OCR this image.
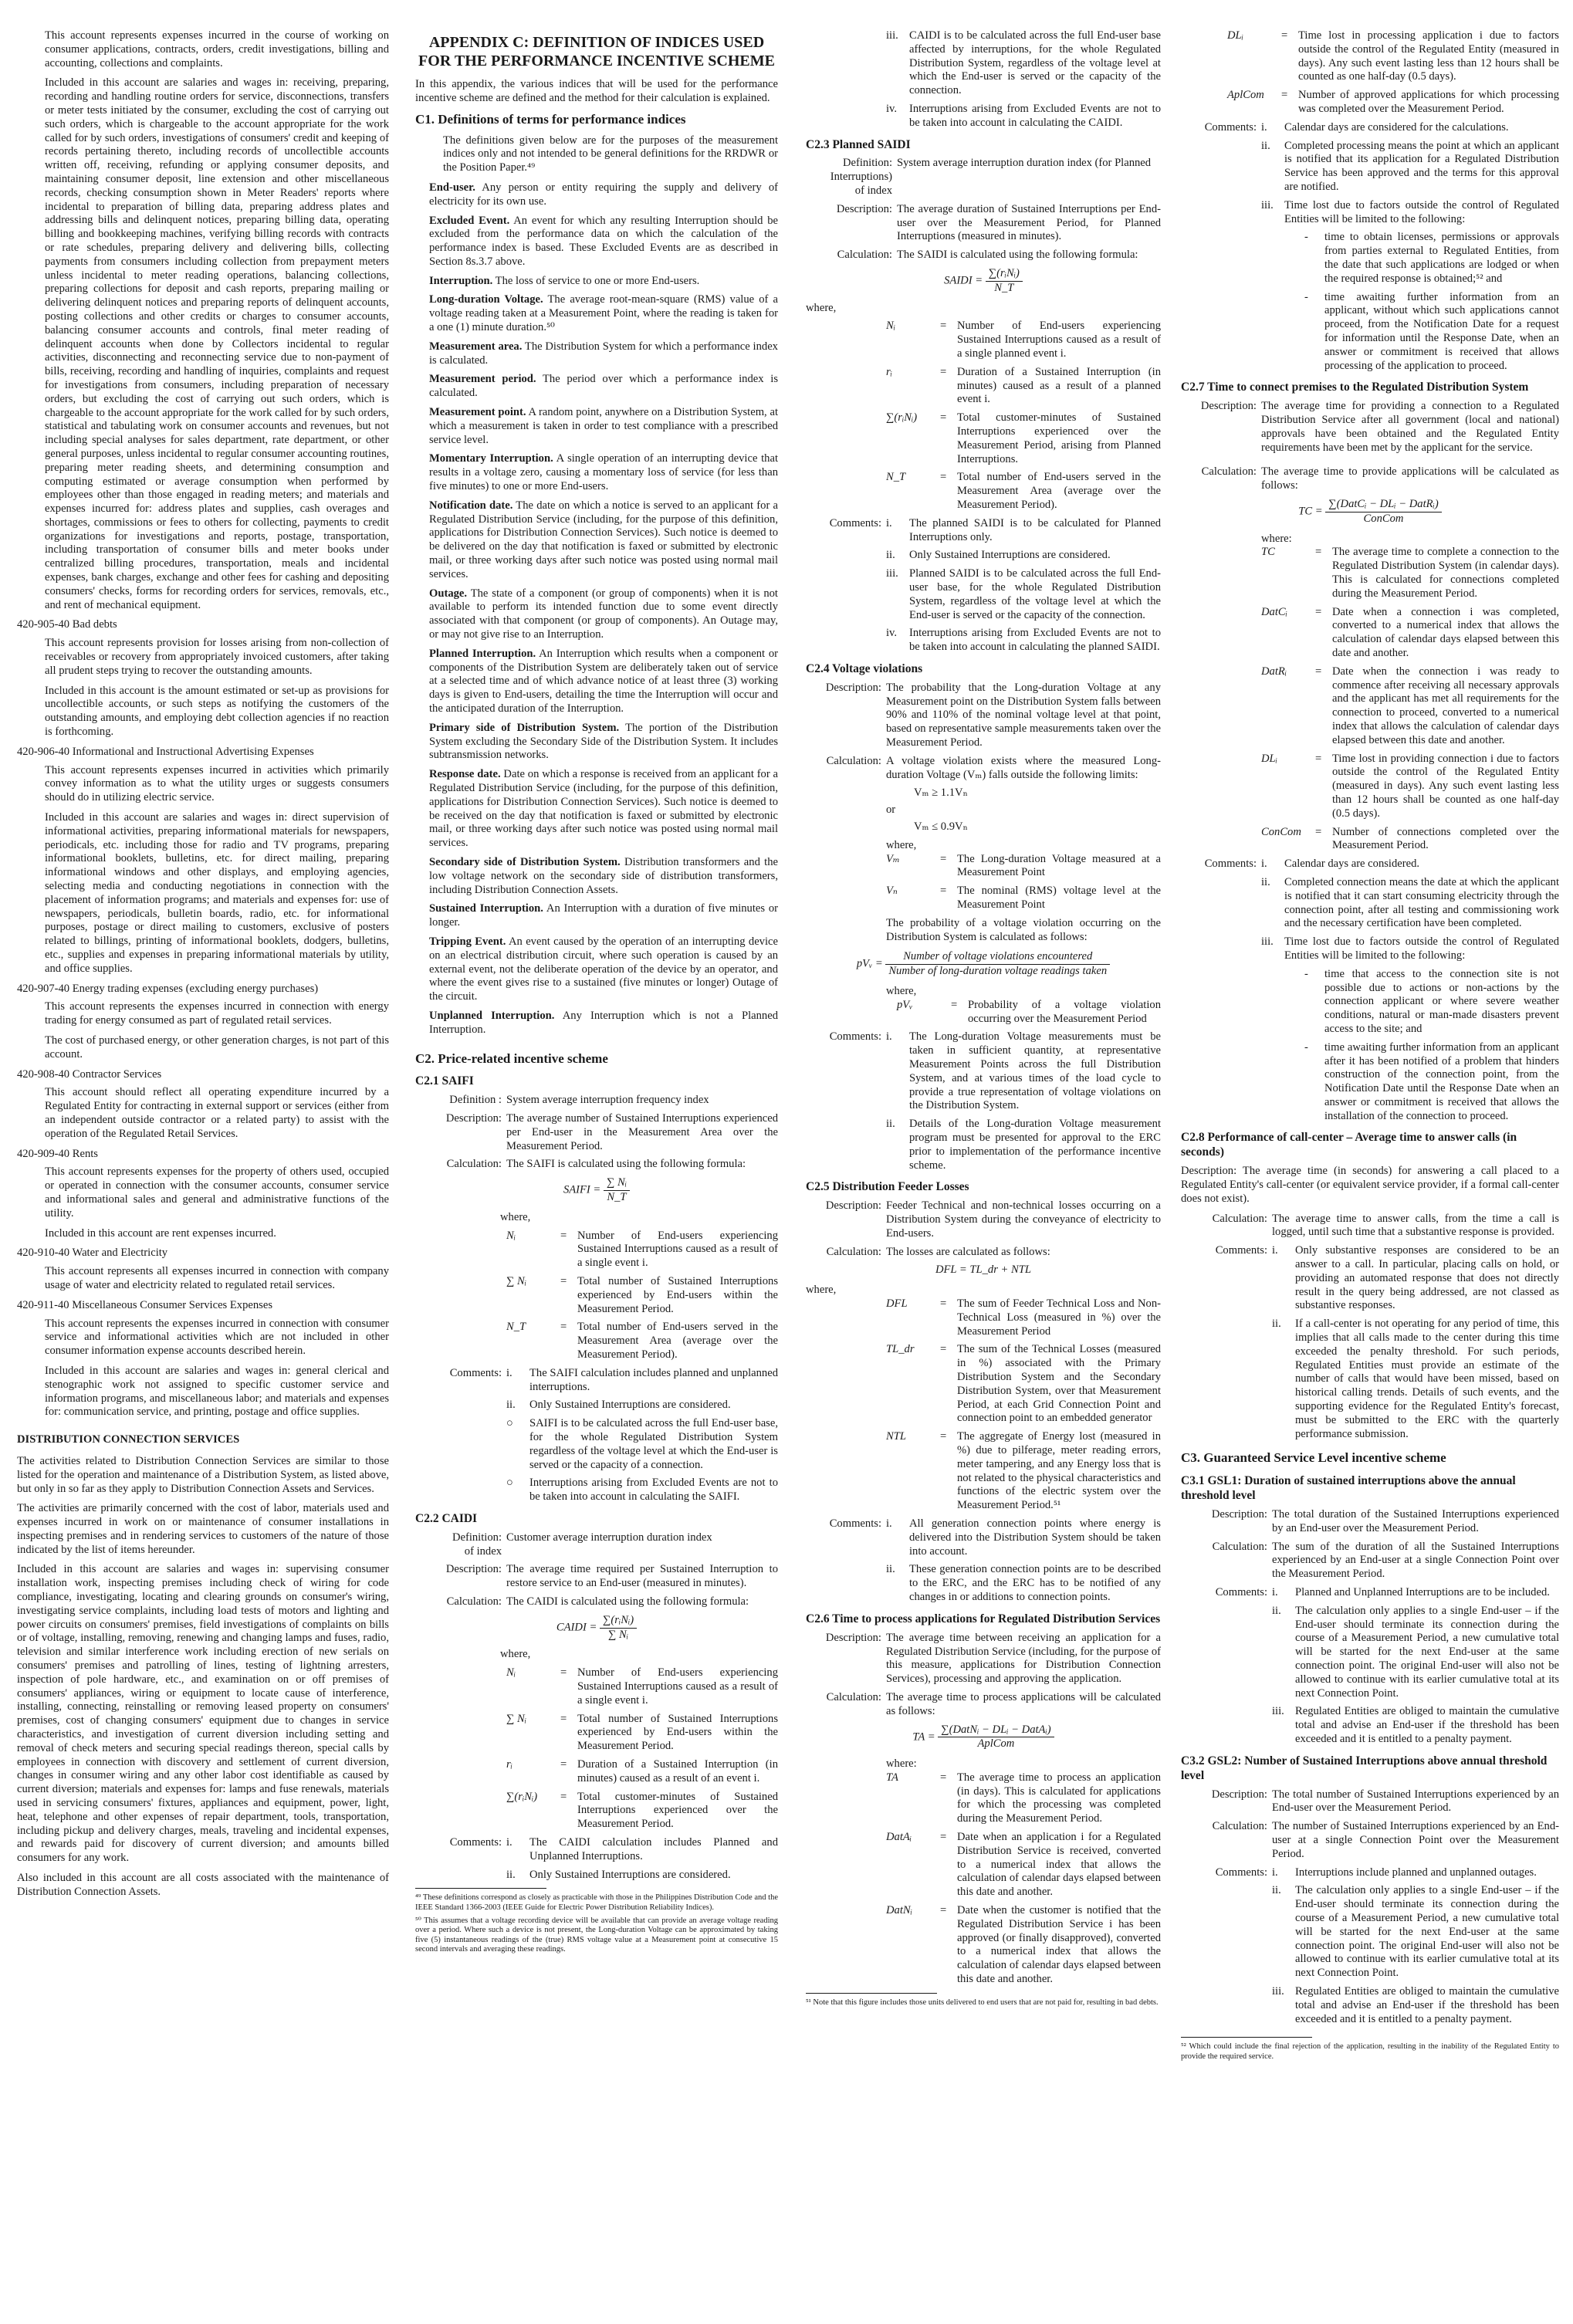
This account represents expenses incurred in the course of working on consumer applications, contracts, orders, credit investigations, billing and accounting, collections and complaints.

Included in this account are salaries and wages in: receiving, preparing, recording and handling routine orders for service, disconnections, transfers or meter tests initiated by the consumer, excluding the cost of carrying out such orders, which is chargeable to the account appropriate for the work called for by such orders, investigations of consumers' credit and keeping of records pertaining thereto, including records of uncollectible accounts written off, receiving, refunding or applying consumer deposits, and maintaining consumer deposit, line extension and other miscellaneous records, checking consumption shown in Meter Readers' reports where incidental to preparation of billing data, preparing address plates and addressing bills and delinquent notices, preparing billing data, operating billing and bookkeeping machines, verifying billing records with contracts or rate schedules, preparing delivery and delivering bills, collecting payments from consumers including collection from prepayment meters unless incidental to meter reading operations, balancing collections, preparing collections for deposit and cash reports, preparing mailing or delivering delinquent notices and preparing reports of delinquent accounts, posting collections and other credits or charges to consumer accounts, balancing consumer accounts and controls, final meter reading of delinquent accounts when done by Collectors incidental to regular activities, disconnecting and reconnecting service due to non-payment of bills, receiving, recording and handling of inquiries, complaints and request for investigations from consumers, including preparation of necessary orders, but excluding the cost of carrying out such orders, which is chargeable to the account appropriate for the work called for by such orders, statistical and tabulating work on consumer accounts and revenues, but not including special analyses for sales department, rate department, or other general purposes, unless incidental to regular consumer accounting routines, preparing meter reading sheets, and determining consumption and computing estimated or average consumption when performed by employees other than those engaged in reading meters; and materials and expenses incurred for: address plates and supplies, cash overages and shortages, commissions or fees to others for collecting, payments to credit organizations for investigations and reports, postage, transportation, including transportation of consumer bills and meter books under centralized billing procedures, transportation, meals and incidental expenses, bank charges, exchange and other fees for cashing and depositing consumers' checks, forms for recording orders for services, removals, etc., and rent of mechanical equipment.

420-905-40 Bad debts

This account represents provision for losses arising from non-collection of receivables or recovery from appropriately invoiced customers, after taking all prudent steps trying to recover the outstanding amounts.

Included in this account is the amount estimated or set-up as provisions for uncollectible accounts, or such steps as notifying the customers of the outstanding amounts, and employing debt collection agencies if no reaction is forthcoming.

420-906-40 Informational and Instructional Advertising Expenses

This account represents expenses incurred in activities which primarily convey information as to what the utility urges or suggests consumers should do in utilizing electric service.

Included in this account are salaries and wages in: direct supervision of informational activities, preparing informational materials for newspapers, periodicals, etc. including those for radio and TV programs, preparing informational booklets, bulletins, etc. for direct mailing, preparing informational windows and other displays, and employing agencies, selecting media and conducting negotiations in connection with the placement of information programs; and materials and expenses for: use of newspapers, periodicals, bulletin boards, radio, etc. for informational purposes, postage or direct mailing to customers, exclusive of posters related to billings, printing of informational booklets, dodgers, bulletins, etc., supplies and expenses in preparing informational materials by utility, and office supplies.

420-907-40 Energy trading expenses (excluding energy purchases)

This account represents the expenses incurred in connection with energy trading for energy consumed as part of regulated retail services.

The cost of purchased energy, or other generation charges, is not part of this account.

420-908-40 Contractor Services

This account should reflect all operating expenditure incurred by a Regulated Entity for contracting in external support or services (either from an independent outside contractor or a related party) to assist with the operation of the Regulated Retail Services.

420-909-40 Rents

This account represents expenses for the property of others used, occupied or operated in connection with the consumer accounts, consumer service and informational sales and general and administrative functions of the utility.

Included in this account are rent expenses incurred.

420-910-40 Water and Electricity

This account represents all expenses incurred in connection with company usage of water and electricity related to regulated retail services.

420-911-40 Miscellaneous Consumer Services Expenses

This account represents the expenses incurred in connection with consumer service and informational activities which are not included in other consumer information expense accounts described herein.

Included in this account are salaries and wages in: general clerical and stenographic work not assigned to specific customer service and information programs, and miscellaneous labor; and materials and expenses for: communication service, and printing, postage and office supplies.

DISTRIBUTION CONNECTION SERVICES

The activities related to Distribution Connection Services are similar to those listed for the operation and maintenance of a Distribution System, as listed above, but only in so far as they apply to Distribution Connection Assets and Services.

The activities are primarily concerned with the cost of labor, materials used and expenses incurred in work on or maintenance of consumer installations in inspecting premises and in rendering services to customers of the nature of those indicated by the list of items hereunder.

Included in this account are salaries and wages in: supervising consumer installation work, inspecting premises including check of wiring for code compliance, investigating, locating and clearing grounds on consumer's wiring, investigating service complaints, including load tests of motors and lighting and power circuits on consumers' premises, field investigations of complaints on bills or of voltage, installing, removing, renewing and changing lamps and fuses, radio, television and similar interference work including erection of new serials on consumers' premises and patrolling of lines, testing of lightning arresters, inspection of pole hardware, etc., and examination on or off premises of consumers' appliances, wiring or equipment to locate cause of interference, installing, connecting, reinstalling or removing leased property on consumers' premises, cost of changing consumers' equipment due to changes in service characteristics, and investigation of current diversion including setting and removal of check meters and securing special readings thereon, special calls by employees in connection with discovery and settlement of current diversion, changes in consumer wiring and any other labor cost identifiable as caused by current diversion; materials and expenses for: lamps and fuse renewals, materials used in servicing consumers' fixtures, appliances and equipment, power, light, heat, telephone and other expenses of repair department, tools, transportation, including pickup and delivery charges, meals, traveling and incidental expenses, and rewards paid for discovery of current diversion; and amounts billed consumers for any work.

Also included in this account are all costs associated with the maintenance of Distribution Connection Assets.

APPENDIX C: DEFINITION OF INDICES USED FOR THE PERFORMANCE INCENTIVE SCHEME

In this appendix, the various indices that will be used for the performance incentive scheme are defined and the method for their calculation is explained.

C1. Definitions of terms for performance indices

The definitions given below are for the purposes of the measurement indices only and not intended to be general definitions for the RRDWR or the Position Paper.⁴⁹

End-user. Any person or entity requiring the supply and delivery of electricity for its own use.

Excluded Event. An event for which any resulting Interruption should be excluded from the performance data on which the calculation of the performance index is based. These Excluded Events are as described in Section 8s.3.7 above.

Interruption. The loss of service to one or more End-users.

Long-duration Voltage. The average root-mean-square (RMS) value of a voltage reading taken at a Measurement Point, where the reading is taken for a one (1) minute duration.⁵⁰

Measurement area. The Distribution System for which a performance index is calculated.

Measurement period. The period over which a performance index is calculated.

Measurement point. A random point, anywhere on a Distribution System, at which a measurement is taken in order to test compliance with a prescribed service level.

Momentary Interruption. A single operation of an interrupting device that results in a voltage zero, causing a momentary loss of service (for less than five minutes) to one or more End-users.

Notification date. The date on which a notice is served to an applicant for a Regulated Distribution Service (including, for the purpose of this definition, applications for Distribution Connection Services). Such notice is deemed to be delivered on the day that notification is faxed or submitted by electronic mail, or three working days after such notice was posted using normal mail services.

Outage. The state of a component (or group of components) when it is not available to perform its intended function due to some event directly associated with that component (or group of components). An Outage may, or may not give rise to an Interruption.

Planned Interruption. An Interruption which results when a component or components of the Distribution System are deliberately taken out of service at a selected time and of which advance notice of at least three (3) working days is given to End-users, detailing the time the Interruption will occur and the anticipated duration of the Interruption.

Primary side of Distribution System. The portion of the Distribution System excluding the Secondary Side of the Distribution System. It includes subtransmission networks.

Response date. Date on which a response is received from an applicant for a Regulated Distribution Service (including, for the purpose of this definition, applications for Distribution Connection Services). Such notice is deemed to be received on the day that notification is faxed or submitted by electronic mail, or three working days after such notice was posted using normal mail services.

Secondary side of Distribution System. Distribution transformers and the low voltage network on the secondary side of distribution transformers, including Distribution Connection Assets.

Sustained Interruption. An Interruption with a duration of five minutes or longer.

Tripping Event. An event caused by the operation of an interrupting device on an electrical distribution circuit, where such operation is caused by an external event, not the deliberate operation of the device by an operator, and where the event gives rise to a sustained (five minutes or longer) Outage of the circuit.

Unplanned Interruption. Any Interruption which is not a Planned Interruption.

C2. Price-related incentive scheme
C2.1 SAIFI
Definition : System average interruption frequency index
Description: The average number of Sustained Interruptions experienced per End-user in the Measurement Area over the Measurement Period.
Calculation: The SAIFI is calculated using the following formula:
SAIFI = $\frac{\text{∑ Nᵢ}}{N\_T}$
where,
Nᵢ	= Number of End-users experiencing Sustained Interruptions caused as a result of a single event i.
∑ Nᵢ	= Total number of Sustained Interruptions experienced by End-users within the Measurement Period.
N_T	= Total number of End-users served in the Measurement Area (average over the Measurement Period).
Comments: i.	The SAIFI calculation includes planned and unplanned interruptions.
ii.	Only Sustained Interruptions are considered.
○	SAIFI is to be calculated across the full End-user base, for the whole Regulated Distribution System regardless of the voltage level at which the End-user is served or the capacity of a connection.
○	Interruptions arising from Excluded Events are not to be taken into account in calculating the SAIFI.
C2.2 CAIDI
Definition:
of index
Customer average interruption duration index
Description: The average time required per Sustained Interruption to restore service to an End-user (measured in minutes).
Calculation: The CAIDI is calculated using the following formula:
CAIDI = $\frac{\text{∑(rᵢNᵢ)}}{\text{∑ Nᵢ}}$
where,
Nᵢ	= Number of End-users experiencing Sustained Interruptions caused as a result of a single event i.
∑ Nᵢ	= Total number of Sustained Interruptions experienced by End-users within the Measurement Period.
rᵢ	= Duration of a Sustained Interruption (in minutes) caused as a result of an event i.
∑(rᵢNᵢ)	= Total customer-minutes of Sustained Interruptions experienced over the Measurement Period.
Comments: i.	The CAIDI calculation includes Planned and Unplanned Interruptions.
ii.	Only Sustained Interruptions are considered.

⁴⁹ These definitions correspond as closely as practicable with those in the Philippines Distribution Code and the IEEE Standard 1366-2003 (IEEE Guide for Electric Power Distribution Reliability Indices).

⁵⁰ This assumes that a voltage recording device will be available that can provide an average voltage reading over a period. Where such a device is not present, the Long-duration Voltage can be approximated by taking five (5) instantaneous readings of the (true) RMS voltage value at a Measurement point at consecutive 15 second intervals and averaging these readings.

iii. CAIDI is to be calculated across the full End-user base affected by interruptions, for the whole Regulated Distribution System, regardless of the voltage level at which the End-user is served or the capacity of the connection.
iv.	Interruptions arising from Excluded Events are not to be taken into account in calculating the CAIDI.
C2.3 Planned SAIDI
Definition:
Interruptions)
of index
System average interruption duration index (for Planned
Description: The average duration of Sustained Interruptions per End-user over the Measurement Period, for Planned Interruptions (measured in minutes).
Calculation: The SAIDI is calculated using the following formula:
SAIDI = $\frac{\text{∑(rᵢNᵢ)}}{N\_T}$
where,
Nᵢ	= Number of End-users experiencing Sustained Interruptions caused as a result of a single planned event i.
rᵢ	= Duration of a Sustained Interruption (in minutes) caused as a result of a planned event i.
∑(rᵢNᵢ)	= Total customer-minutes of Sustained Interruptions experienced over the Measurement Period, arising from Planned Interruptions.
N_T	= Total number of End-users served in the Measurement Area (average over the Measurement Period).
Comments: i.	The planned SAIDI is to be calculated for Planned Interruptions only.
ii.	Only Sustained Interruptions are considered.
iii. Planned SAIDI is to be calculated across the full End-user base, for the whole Regulated Distribution System, regardless of the voltage level at which the End-user is served or the capacity of the connection.
iv.	Interruptions arising from Excluded Events are not to be taken into account in calculating the planned SAIDI.
C2.4 Voltage violations
Description: The probability that the Long-duration Voltage at any Measurement point on the Distribution System falls between 90% and 110% of the nominal voltage level at that point, based on representative sample measurements taken over the Measurement Period.
Calculation: A voltage violation exists where the measured Long-duration Voltage (Vₘ) falls outside the following limits:
Vₘ ≥ 1.1Vₙ
or
Vₘ ≤ 0.9Vₙ
where,
Vₘ	= The Long-duration Voltage measured at a Measurement Point
Vₙ	= The nominal (RMS) voltage level at the Measurement Point

The probability of a voltage violation occurring on the Distribution System is calculated as follows:

pVᵥ = $\frac{\text{Number of voltage violations encountered}}{\text{Number of long-duration voltage readings taken}}$
where,
pVᵥ	= Probability of a voltage violation occurring over the Measurement Period
Comments: i.	The Long-duration Voltage measurements must be taken in sufficient quantity, at representative Measurement Points across the full Distribution System, and at various times of the load cycle to provide a true representation of voltage violations on the Distribution System.
ii.	Details of the Long-duration Voltage measurement program must be presented for approval to the ERC prior to implementation of the performance incentive scheme.
C2.5 Distribution Feeder Losses
Description: Feeder Technical and non-technical losses occurring on a Distribution System during the conveyance of electricity to End-users.
Calculation: The losses are calculated as follows:
DFL = TL_dr + NTL
where,
DFL	= The sum of Feeder Technical Loss and Non-Technical Loss (measured in %) over the Measurement Period
TL_dr	= The sum of the Technical Losses (measured in %) associated with the Primary Distribution System and the Secondary Distribution System, over that Measurement Period, at each Grid Connection Point and connection point to an embedded generator
NTL	= The aggregate of Energy lost (measured in %) due to pilferage, meter reading errors, meter tampering, and any Energy loss that is not related to the physical characteristics and functions of the electric system over the Measurement Period.⁵¹
Comments: i.	All generation connection points where energy is delivered into the Distribution System should be taken into account.
ii.	These generation connection points are to be described to the ERC, and the ERC has to be notified of any changes in or additions to connection points.
C2.6 Time to process applications for Regulated Distribution Services
Description: The average time between receiving an application for a Regulated Distribution Service (including, for the purpose of this measure, applications for Distribution Connection Services), processing and approving the application.
Calculation: The average time to process applications will be calculated as follows:
TA = $\frac{\text{∑(DatNᵢ − DLᵢ − DatAᵢ)}}{\text{AplCom}}$
where:
TA	= The average time to process an application (in days). This is calculated for applications for which the processing was completed during the Measurement Period.
DatAᵢ	= Date when an application i for a Regulated Distribution Service is received, converted to a numerical index that allows the calculation of calendar days elapsed between this date and another.
DatNᵢ	= Date when the customer is notified that the Regulated Distribution Service i has been approved (or finally disapproved), converted to a numerical index that allows the calculation of calendar days elapsed between this date and another.

⁵¹ Note that this figure includes those units delivered to end users that are not paid for, resulting in bad debts.

DLᵢ	= Time lost in processing application i due to factors outside the control of the Regulated Entity (measured in days). Any such event lasting less than 12 hours shall be counted as one half-day (0.5 days).
AplCom	= Number of approved applications for which processing was completed over the Measurement Period.
Comments: i.	Calendar days are considered for the calculations.
ii.	Completed processing means the point at which an applicant is notified that its application for a Regulated Distribution Service has been approved and the terms for this approval are notified.
iii. Time lost due to factors outside the control of Regulated Entities will be limited to the following:
-	time to obtain licenses, permissions or approvals from parties external to Regulated Entities, from the date that such applications are lodged or when the required response is obtained;⁵² and
-	time awaiting further information from an applicant, without which such applications cannot proceed, from the Notification Date for a request for information until the Response Date, when an answer or commitment is received that allows processing of the application to proceed.
C2.7 Time to connect premises to the Regulated Distribution System
Description: The average time for providing a connection to a Regulated Distribution Service after all government (local and national) approvals have been obtained and the Regulated Entity requirements have been met by the applicant for the service.
Calculation: The average time to provide applications will be calculated as follows:
TC = $\frac{\text{∑(DatCᵢ − DLᵢ − DatRᵢ)}}{\text{ConCom}}$
where:
TC	= The average time to complete a connection to the Regulated Distribution System (in calendar days). This is calculated for connections completed during the Measurement Period.
DatCᵢ	= Date when a connection i was completed, converted to a numerical index that allows the calculation of calendar days elapsed between this date and another.
DatRᵢ	= Date when the connection i was ready to commence after receiving all necessary approvals and the applicant has met all requirements for the connection to proceed, converted to a numerical index that allows the calculation of calendar days elapsed between this date and another.
DLᵢ	= Time lost in providing connection i due to factors outside the control of the Regulated Entity (measured in days). Any such event lasting less than 12 hours shall be counted as one half-day (0.5 days).
ConCom	= Number of connections completed over the Measurement Period.
Comments: i.	Calendar days are considered.
ii.	Completed connection means the date at which the applicant is notified that it can start consuming electricity through the connection point, after all testing and commissioning work and the necessary certification have been completed.
iii. Time lost due to factors outside the control of Regulated Entities will be limited to the following:
-	time that access to the connection site is not possible due to actions or non-actions by the connection applicant or where severe weather conditions, natural or man-made disasters prevent access to the site; and
-	time awaiting further information from an applicant after it has been notified of a problem that hinders construction of the connection point, from the Notification Date until the Response Date when an answer or commitment is received that allows the installation of the connection to proceed.
C2.8 Performance of call-center – Average time to answer calls (in seconds)

Description: The average time (in seconds) for answering a call placed to a Regulated Entity's call-center (or equivalent service provider, if a formal call-center does not exist).

Calculation: The average time to answer calls, from the time a call is logged, until such time that a substantive response is provided.
Comments: i.	Only substantive responses are considered to be an answer to a call. In particular, placing calls on hold, or providing an automated response that does not directly result in the query being addressed, are not classed as substantive responses.
ii.	If a call-center is not operating for any period of time, this implies that all calls made to the center during this time exceeded the penalty threshold. For such periods, Regulated Entities must provide an estimate of the number of calls that would have been missed, based on historical calling trends. Details of such events, and the supporting evidence for the Regulated Entity's forecast, must be submitted to the ERC with the quarterly performance submission.
C3. Guaranteed Service Level incentive scheme
C3.1 GSL1: Duration of sustained interruptions above the annual threshold level
Description: The total duration of the Sustained Interruptions experienced by an End-user over the Measurement Period.
Calculation: The sum of the duration of all the Sustained Interruptions experienced by an End-user at a single Connection Point over the Measurement Period.
Comments: i.	Planned and Unplanned Interruptions are to be included.
ii.	The calculation only applies to a single End-user – if the End-user should terminate its connection during the course of a Measurement Period, a new cumulative total will be started for the next End-user at the same connection point. The original End-user will also not be allowed to continue with its earlier cumulative total at its next Connection Point.
iii. Regulated Entities are obliged to maintain the cumulative total and advise an End-user if the threshold has been exceeded and it is entitled to a penalty payment.
C3.2 GSL2: Number of Sustained Interruptions above annual threshold level
Description: The total number of Sustained Interruptions experienced by an End-user over the Measurement Period.
Calculation: The number of Sustained Interruptions experienced by an End-user at a single Connection Point over the Measurement Period.
Comments: i.	Interruptions include planned and unplanned outages.
ii.	The calculation only applies to a single End-user – if the End-user should terminate its connection during the course of a Measurement Period, a new cumulative total will be started for the next End-user at the same connection point. The original End-user will also not be allowed to continue with its earlier cumulative total at its next Connection Point.
iii. Regulated Entities are obliged to maintain the cumulative total and advise an End-user if the threshold has been exceeded and it is entitled to a penalty payment.

⁵² Which could include the final rejection of the application, resulting in the inability of the Regulated Entity to provide the required service.
